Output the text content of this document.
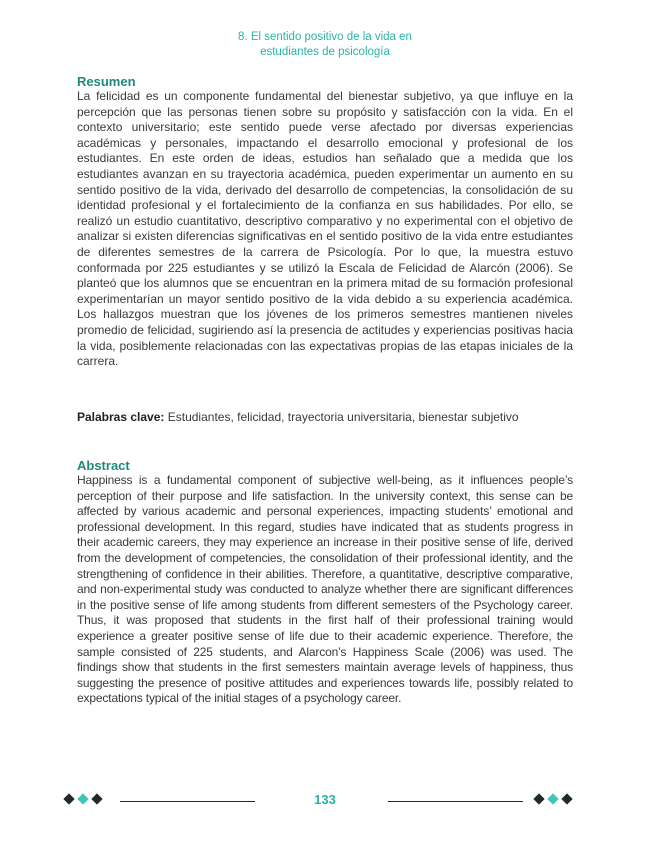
8. El sentido positivo de la vida en
estudiantes de psicología
Resumen

La felicidad es un componente fundamental del bienestar subjetivo, ya que influye en la percepción que las personas tienen sobre su propósito y satisfacción con la vida. En el contexto universitario; este sentido puede verse afectado por diversas experiencias académicas y personales, impactando el desarrollo emocional y profesional de los estudiantes. En este orden de ideas, estudios han señalado que a medida que los estudiantes avanzan en su trayectoria académica, pueden experimentar un aumento en su sentido positivo de la vida, derivado del desarrollo de competencias, la consolidación de su identidad profesional y el fortalecimiento de la confianza en sus habilidades. Por ello, se realizó un estudio cuantitativo, descriptivo comparativo y no experimental con el objetivo de analizar si existen diferencias significativas en el sentido positivo de la vida entre estudiantes de diferentes semestres de la carrera de Psicología. Por lo que, la muestra estuvo conformada por 225 estudiantes y se utilizó la Escala de Felicidad de Alarcón (2006). Se planteó que los alumnos que se encuentran en la primera mitad de su formación profesional experimentarían un mayor sentido positivo de la vida debido a su experiencia académica. Los hallazgos muestran que los jóvenes de los primeros semestres mantienen niveles promedio de felicidad, sugiriendo así la presencia de actitudes y experiencias positivas hacia la vida, posiblemente relacionadas con las expectativas propias de las etapas iniciales de la carrera.

Palabras clave: Estudiantes, felicidad, trayectoria universitaria, bienestar subjetivo

Abstract

Happiness is a fundamental component of subjective well-being, as it influences people’s perception of their purpose and life satisfaction. In the university context, this sense can be affected by various academic and personal experiences, impacting students’ emotional and professional development. In this regard, studies have indicated that as students progress in their academic careers, they may experience an increase in their positive sense of life, derived from the development of competencies, the consolidation of their professional identity, and the strengthening of confidence in their abilities. Therefore, a quantitative, descriptive comparative, and non-experimental study was conducted to analyze whether there are significant differences in the positive sense of life among students from different semesters of the Psychology career. Thus, it was proposed that students in the first half of their professional training would experience a greater positive sense of life due to their academic experience. Therefore, the sample consisted of 225 students, and Alarcon’s Happiness Scale (2006) was used. The findings show that students in the first semesters maintain average levels of happiness, thus suggesting the presence of positive attitudes and experiences towards life, possibly related to expectations typical of the initial stages of a psychology career.

133
